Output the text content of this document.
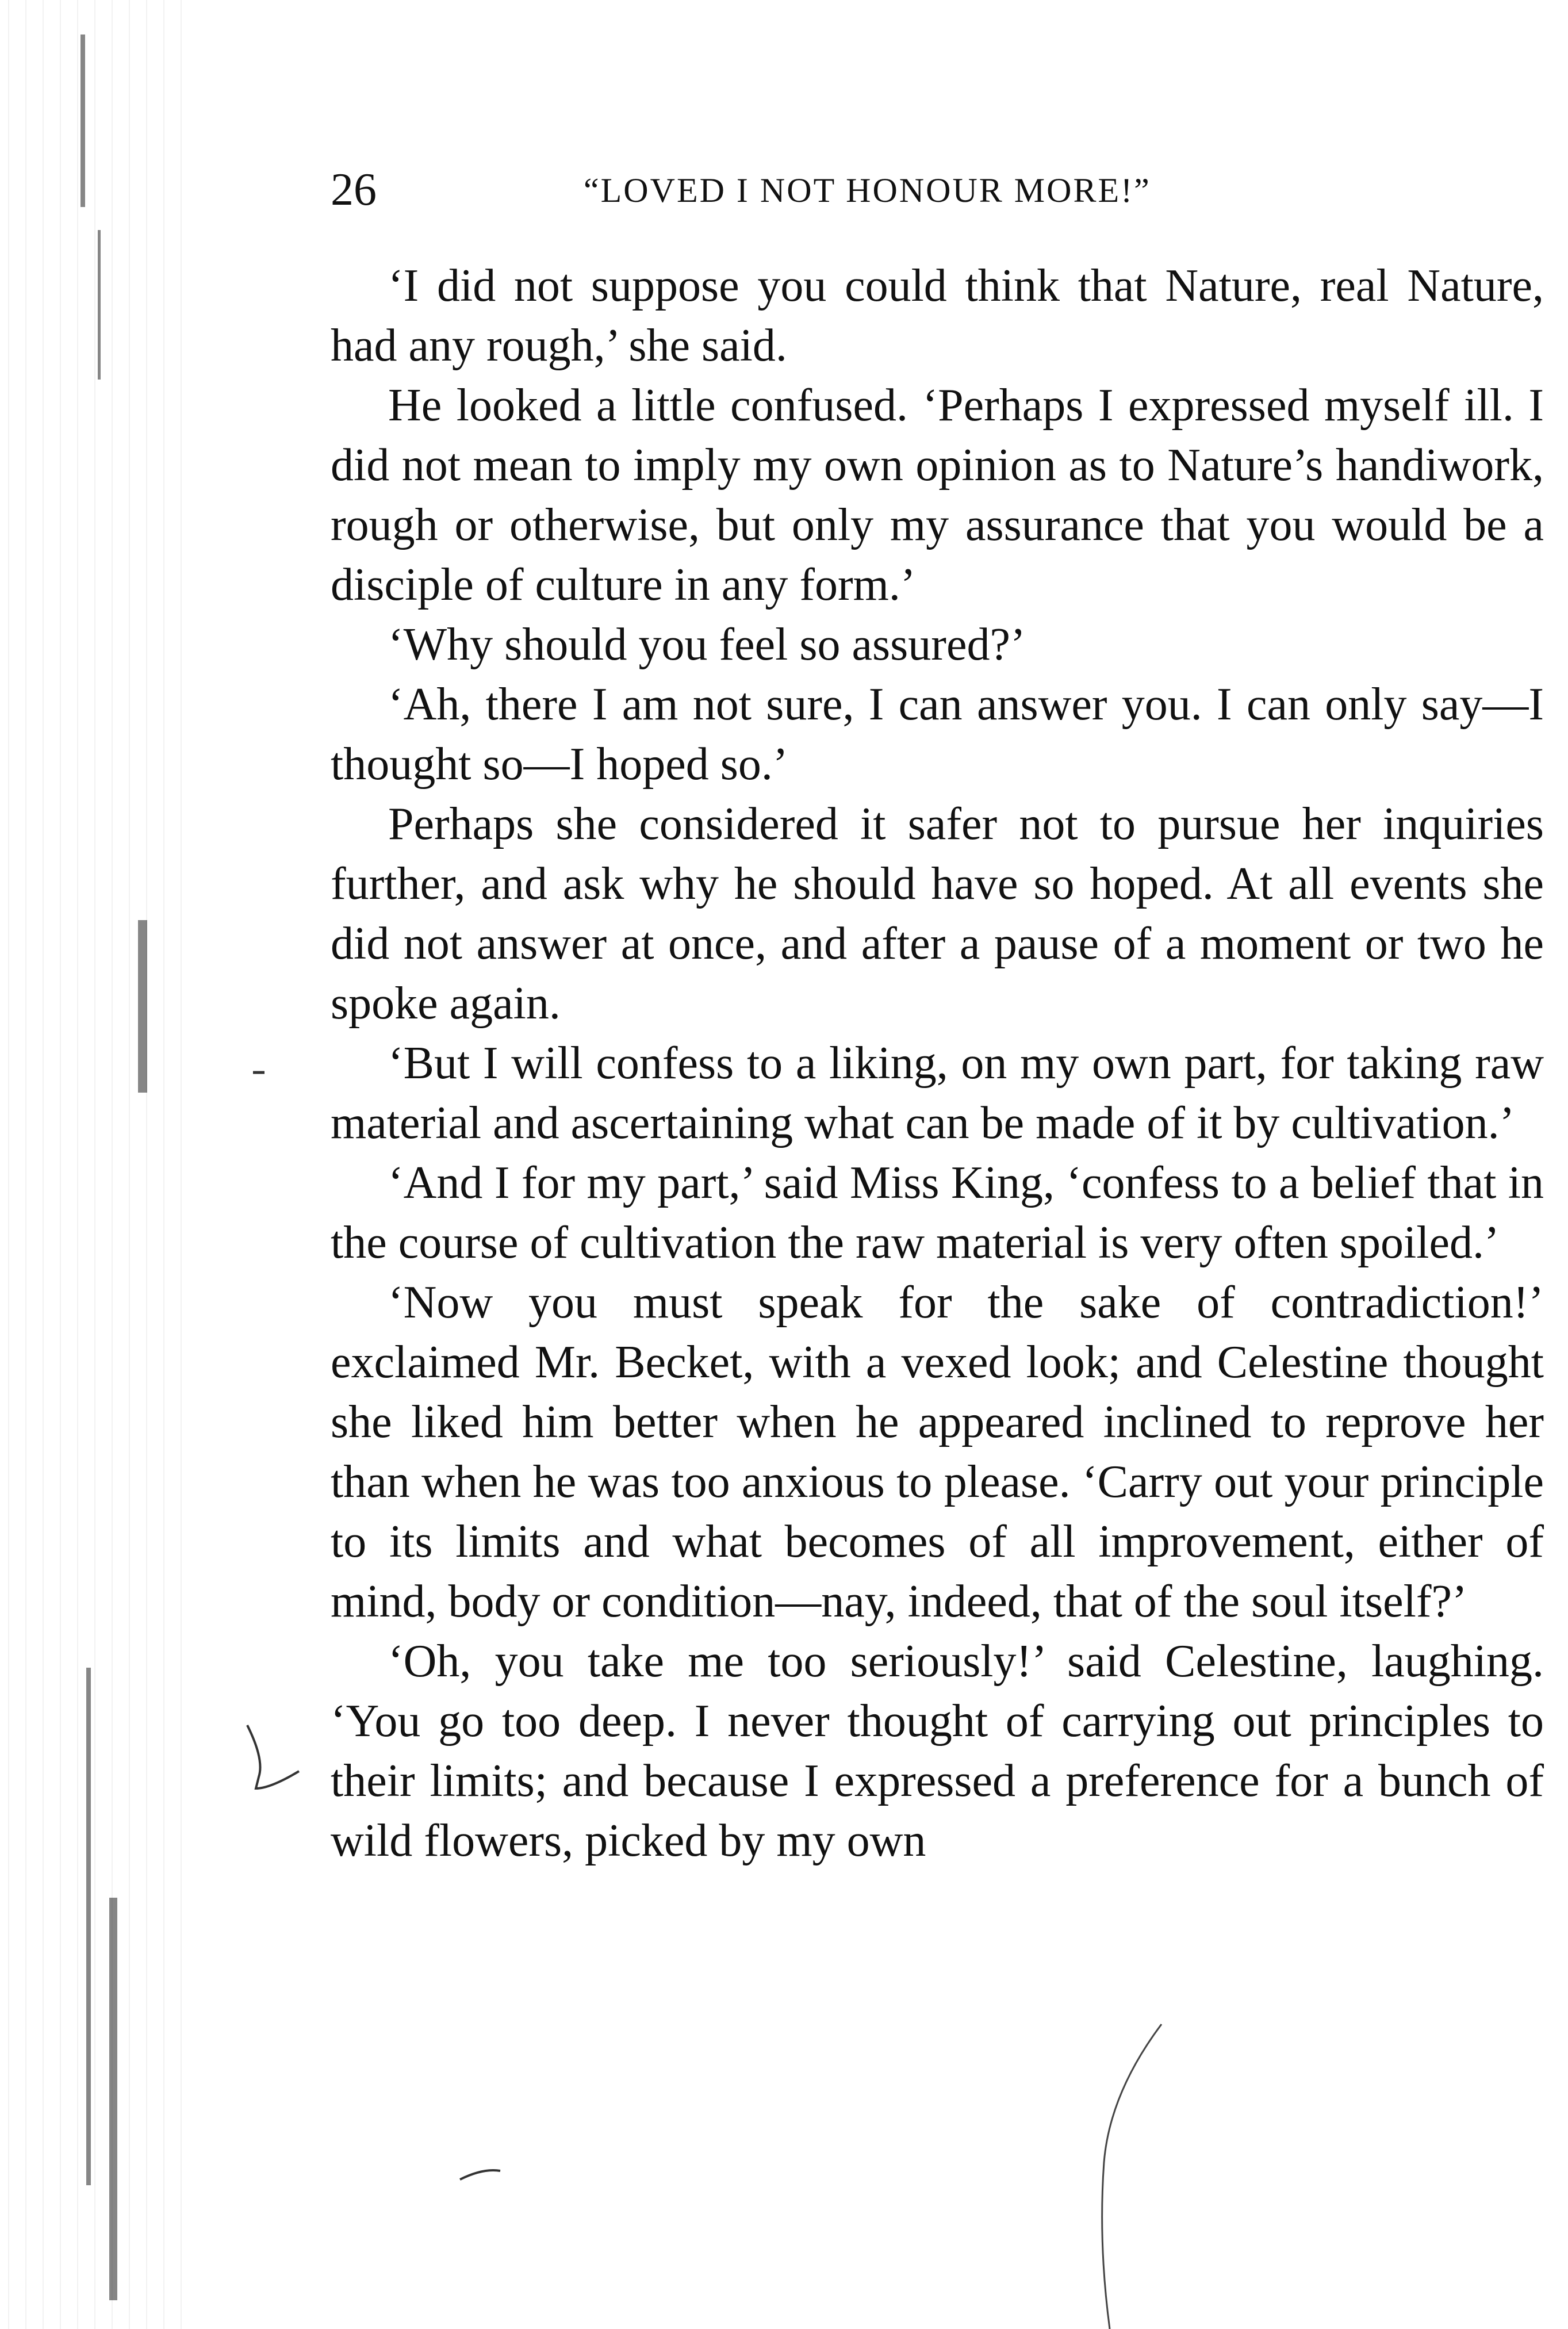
26	“LOVED I NOT HONOUR MORE!”

‘I did not suppose you could think that Nature, real Nature, had any rough,’ she said.

He looked a little confused. ‘Perhaps I expressed myself ill. I did not mean to imply my own opinion as to Nature’s handiwork, rough or otherwise, but only my assurance that you would be a disciple of culture in any form.’

‘Why should you feel so assured?’

‘Ah, there I am not sure, I can answer you. I can only say—I thought so—I hoped so.’

Perhaps she considered it safer not to pursue her inquiries further, and ask why he should have so hoped. At all events she did not answer at once, and after a pause of a moment or two he spoke again.

‘But I will confess to a liking, on my own part, for taking raw material and ascertaining what can be made of it by cultivation.’

‘And I for my part,’ said Miss King, ‘confess to a belief that in the course of cultivation the raw material is very often spoiled.’

‘Now you must speak for the sake of contradiction!’ exclaimed Mr. Becket, with a vexed look; and Celestine thought she liked him better when he appeared inclined to reprove her than when he was too anxious to please. ‘Carry out your principle to its limits and what becomes of all improvement, either of mind, body or condition—nay, indeed, that of the soul itself?’

‘Oh, you take me too seriously!’ said Celestine, laughing. ‘You go too deep. I never thought of carrying out principles to their limits; and because I expressed a preference for a bunch of wild flowers, picked by my own
